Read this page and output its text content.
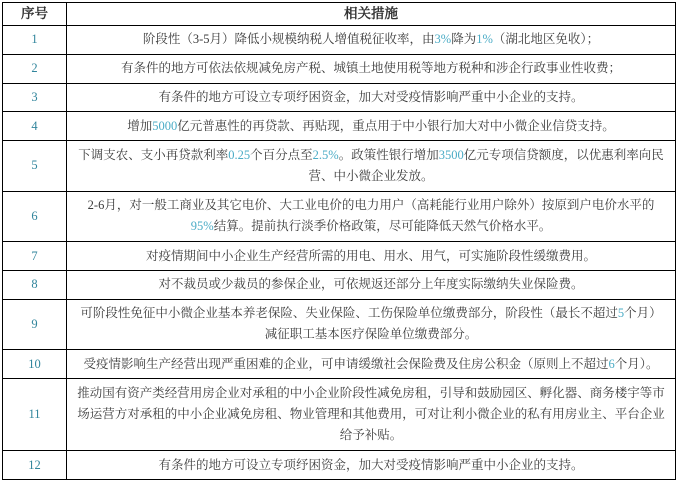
序号	相关措施
1	阶段性（3-5月）降低小规模纳税人增值税征收率，由3%降为1%（湖北地区免收）；
2	有条件的地方可依法依规减免房产税、城镇土地使用税等地方税种和涉企行政事业性收费；
3	有条件的地方可设立专项纾困资金，加大对受疫情影响严重中小企业的支持。
4	增加5000亿元普惠性的再贷款、再贴现，重点用于中小银行加大对中小微企业信贷支持。
5	下调支农、支小再贷款利率0.25个百分点至2.5%。政策性银行增加3500亿元专项信贷额度，以优惠利率向民营、中小微企业发放。
6	2-6月，对一般工商业及其它电价、大工业电价的电力用户（高耗能行业用户除外）按原到户电价水平的95%结算。提前执行淡季价格政策，尽可能降低天然气价格水平。
7	对疫情期间中小企业生产经营所需的用电、用水、用气，可实施阶段性缓缴费用。
8	对不裁员或少裁员的参保企业，可依规返还部分上年度实际缴纳失业保险费。
9	可阶段性免征中小微企业基本养老保险、失业保险、工伤保险单位缴费部分，阶段性（最长不超过5个月）减征职工基本医疗保险单位缴费部分。
10	受疫情影响生产经营出现严重困难的企业，可申请缓缴社会保险费及住房公积金（原则上不超过6个月）。
11	推动国有资产类经营用房企业对承租的中小企业阶段性减免房租，引导和鼓励园区、孵化器、商务楼宇等市场运营方对承租的中小企业减免房租、物业管理和其他费用，可对让利小微企业的私有用房业主、平台企业给予补贴。
12	有条件的地方可设立专项纾困资金，加大对受疫情影响严重中小企业的支持。
